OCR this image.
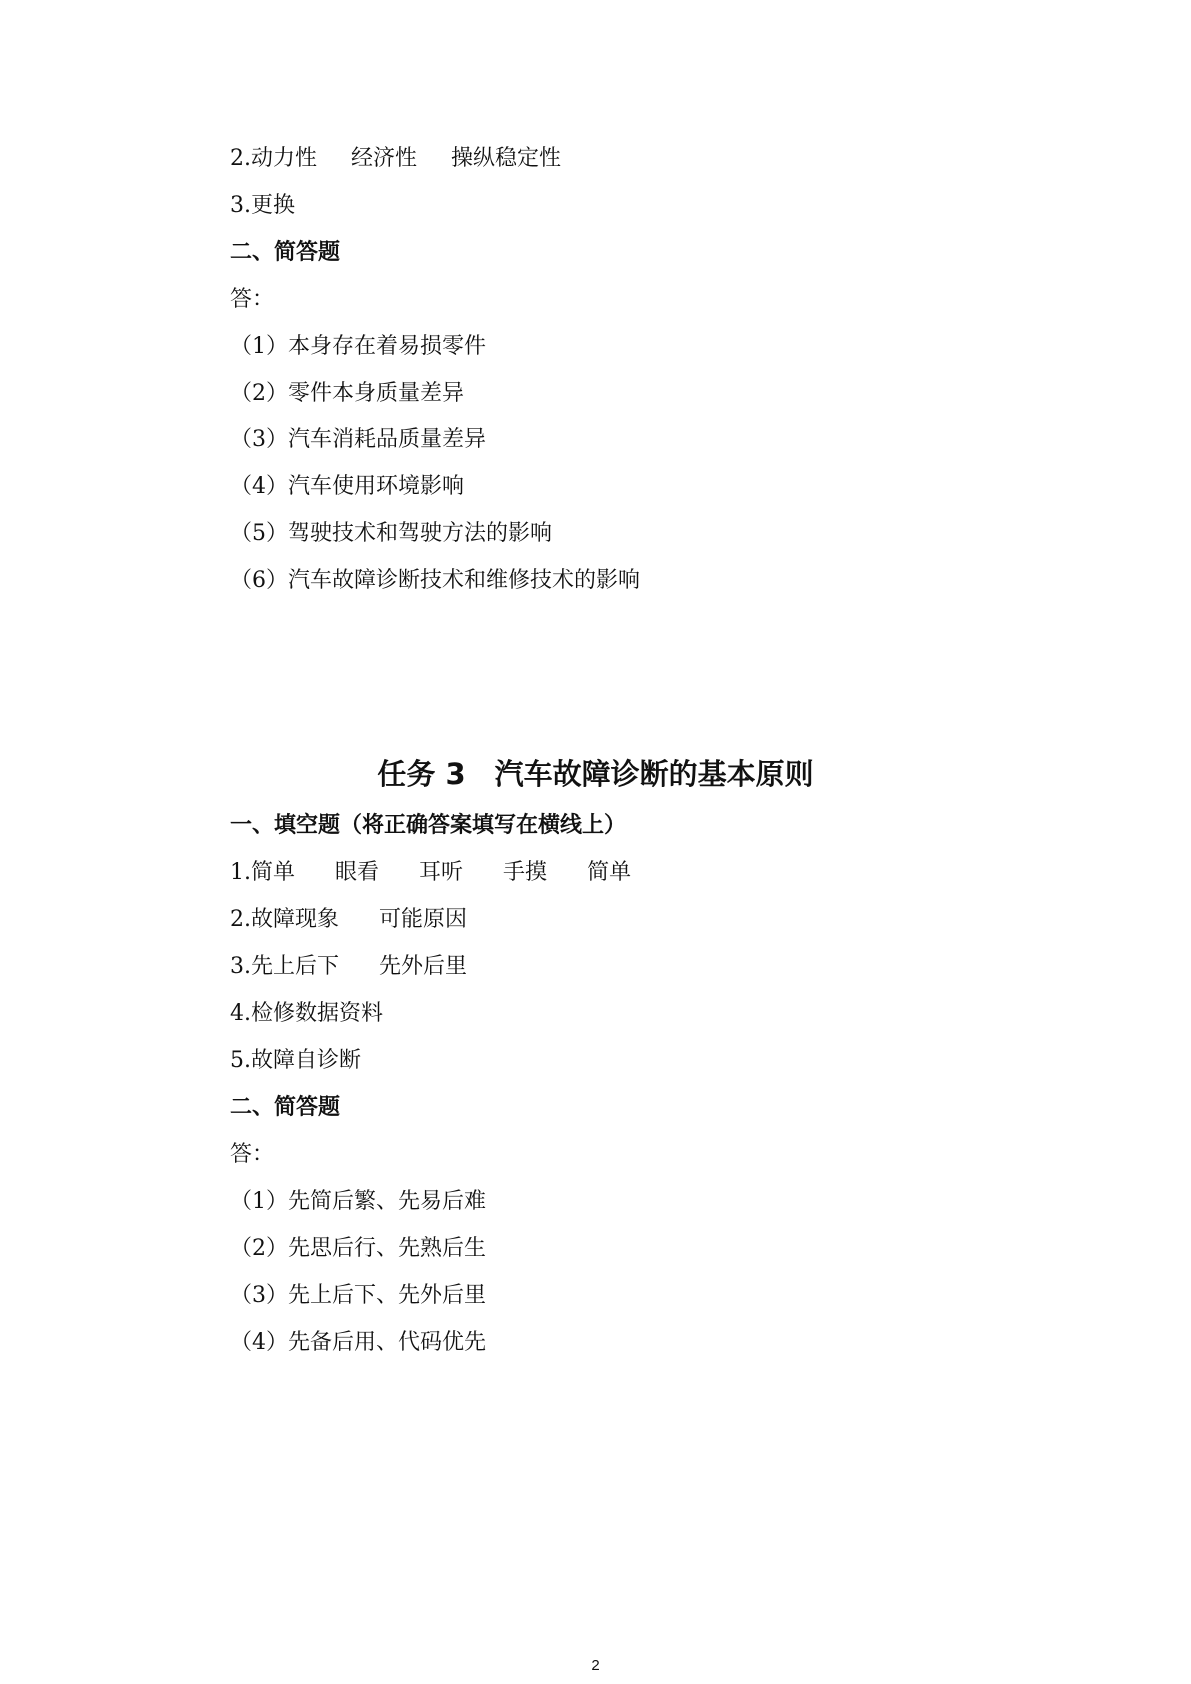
2.动力性 经济性 操纵稳定性
3.更换
二、简答题
答：
（1）本身存在着易损零件
（2）零件本身质量差异
（3）汽车消耗品质量差异
（4）汽车使用环境影响
（5）驾驶技术和驾驶方法的影响
（6）汽车故障诊断技术和维修技术的影响
任务 3　汽车故障诊断的基本原则
一、填空题（将正确答案填写在横线上）
1.简单 眼看 耳听 手摸 简单
2.故障现象 可能原因
3.先上后下 先外后里
4.检修数据资料
5.故障自诊断
二、简答题
答：
（1）先简后繁、先易后难
（2）先思后行、先熟后生
（3）先上后下、先外后里
（4）先备后用、代码优先
2
